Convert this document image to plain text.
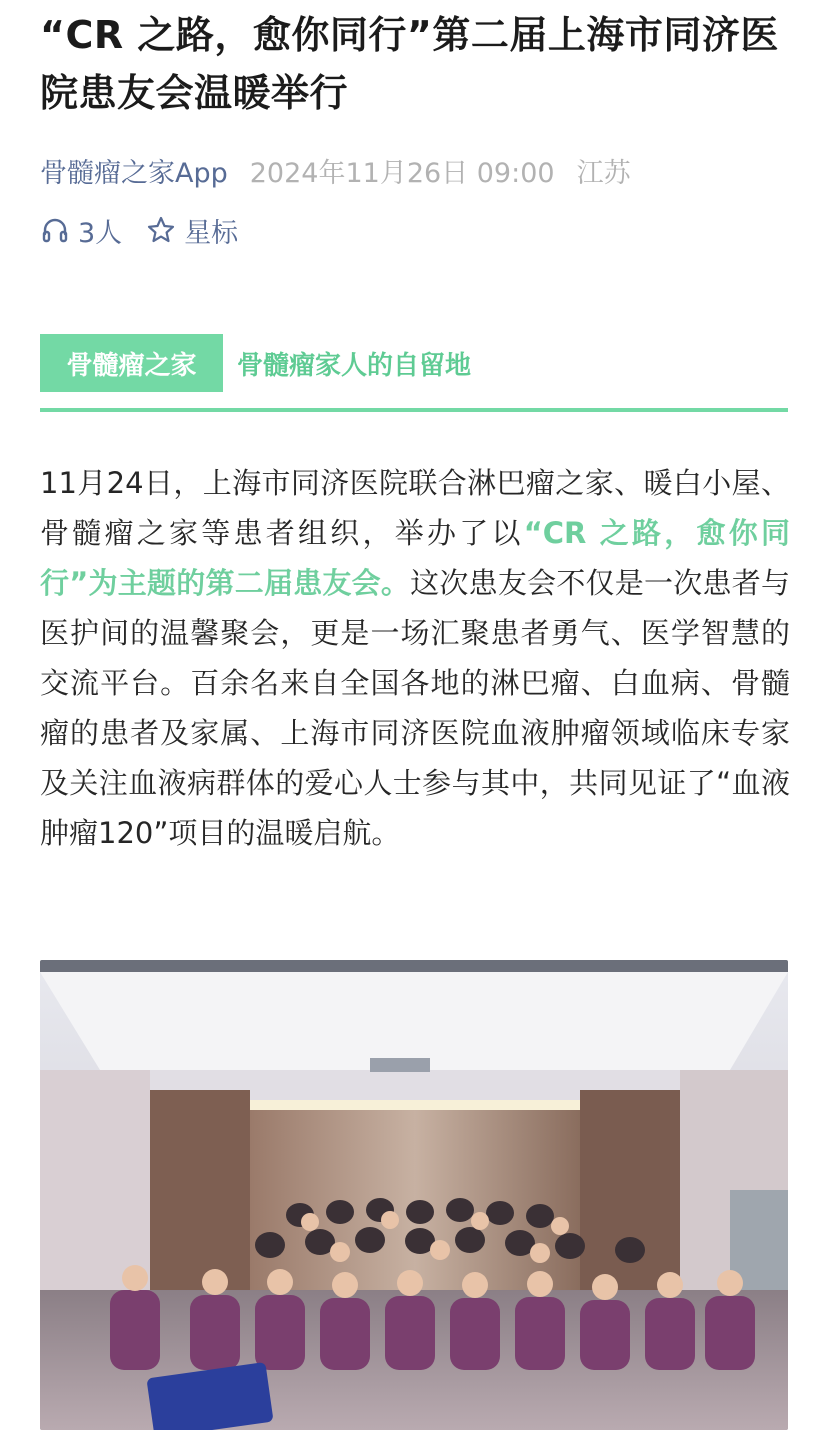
“CR 之路，愈你同行”第二届上海市同济医院患友会温暖举行
骨髓瘤之家App 2024年11月26日 09:00 江苏
3人 星标
骨髓瘤之家	骨髓瘤家人的自留地

11月24日，上海市同济医院联合淋巴瘤之家、暖白小屋、骨髓瘤之家等患者组织，举办了以“CR 之路，愈你同行”为主题的第二届患友会。这次患友会不仅是一次患者与医护间的温馨聚会，更是一场汇聚患者勇气、医学智慧的交流平台。百余名来自全国各地的淋巴瘤、白血病、骨髓瘤的患者及家属、上海市同济医院血液肿瘤领域临床专家及关注血液病群体的爱心人士参与其中，共同见证了“血液肿瘤120”项目的温暖启航。
